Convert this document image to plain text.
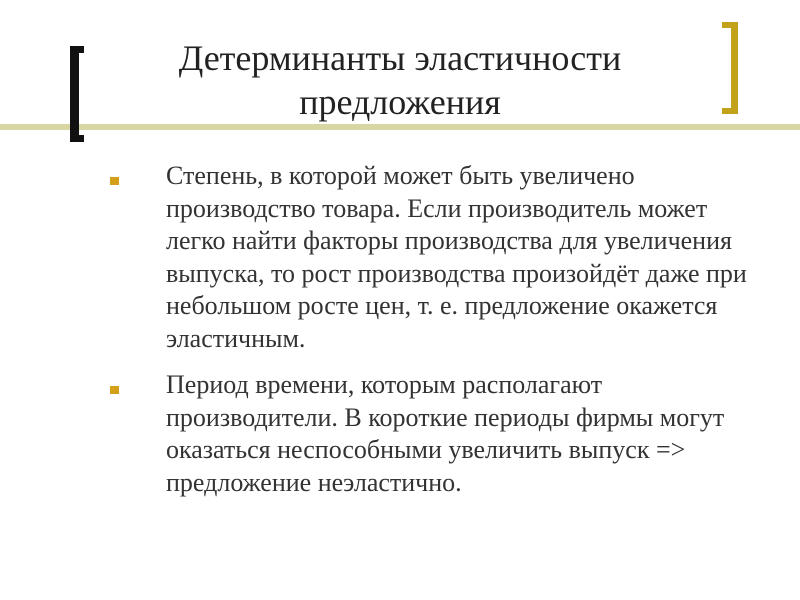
Детерминанты эластичности предложения
Степень, в которой может быть увеличено производство товара. Если производитель может легко найти факторы производства для увеличения выпуска, то рост производства произойдёт даже при небольшом росте цен, т. е. предложение окажется эластичным.
Период времени, которым располагают производители. В короткие периоды фирмы могут оказаться неспособными увеличить выпуск => предложение неэластично.
